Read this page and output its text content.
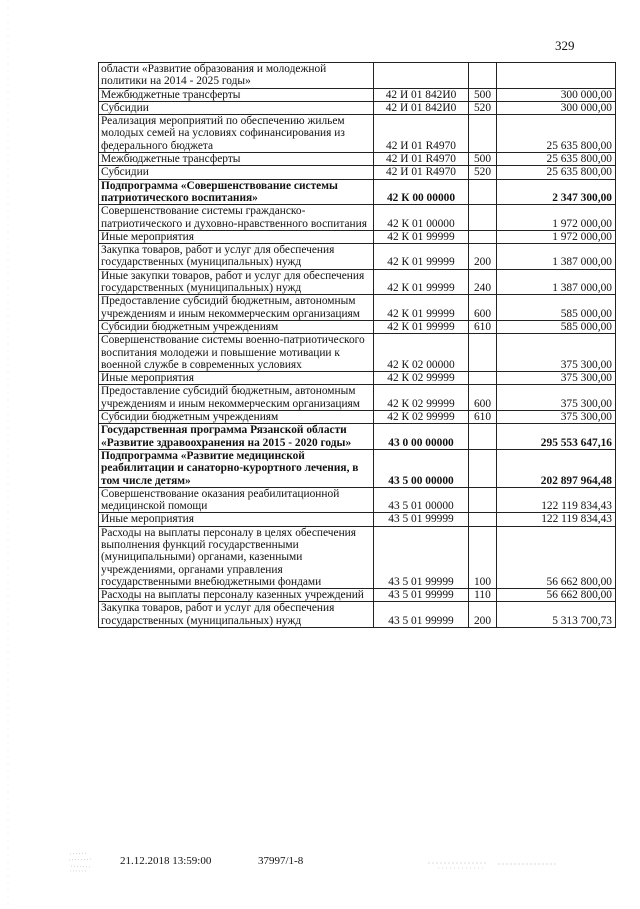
329
области «Развитие образования и молодежной политики на 2014 - 2025 годы»			
Межбюджетные трансферты	42 И 01 842И0	500	300 000,00
Субсидии	42 И 01 842И0	520	300 000,00
Реализация мероприятий по обеспечению жильем молодых семей на условиях софинансирования из федерального бюджета	42 И 01 R4970		25 635 800,00
Межбюджетные трансферты	42 И 01 R4970	500	25 635 800,00
Субсидии	42 И 01 R4970	520	25 635 800,00
Подпрограмма «Совершенствование системы патриотического воспитания»	42 К 00 00000		2 347 300,00
Совершенствование системы гражданско-патриотического и духовно-нравственного воспитания	42 К 01 00000		1 972 000,00
Иные мероприятия	42 К 01 99999		1 972 000,00
Закупка товаров, работ и услуг для обеспечения государственных (муниципальных) нужд	42 К 01 99999	200	1 387 000,00
Иные закупки товаров, работ и услуг для обеспечения государственных (муниципальных) нужд	42 К 01 99999	240	1 387 000,00
Предоставление субсидий бюджетным, автономным учреждениям и иным некоммерческим организациям	42 К 01 99999	600	585 000,00
Субсидии бюджетным учреждениям	42 К 01 99999	610	585 000,00
Совершенствование системы военно-патриотического воспитания молодежи и повышение мотивации к военной службе в современных условиях	42 К 02 00000		375 300,00
Иные мероприятия	42 К 02 99999		375 300,00
Предоставление субсидий бюджетным, автономным учреждениям и иным некоммерческим организациям	42 К 02 99999	600	375 300,00
Субсидии бюджетным учреждениям	42 К 02 99999	610	375 300,00
Государственная программа Рязанской области «Развитие здравоохранения на 2015 - 2020 годы»	43 0 00 00000		295 553 647,16
Подпрограмма «Развитие медицинской реабилитации и санаторно-курортного лечения, в том числе детям»	43 5 00 00000		202 897 964,48
Совершенствование оказания реабилитационной медицинской помощи	43 5 01 00000		122 119 834,43
Иные мероприятия	43 5 01 99999		122 119 834,43
Расходы на выплаты персоналу в целях обеспечения выполнения функций государственными (муниципальными) органами, казенными учреждениями, органами управления государственными внебюджетными фондами	43 5 01 99999	100	56 662 800,00
Расходы на выплаты персоналу казенных учреждений	43 5 01 99999	110	56 662 800,00
Закупка товаров, работ и услуг для обеспечения государственных (муниципальных) нужд	43 5 01 99999	200	5 313 700,73
21.12.2018 13:59:00	37997/1-8
